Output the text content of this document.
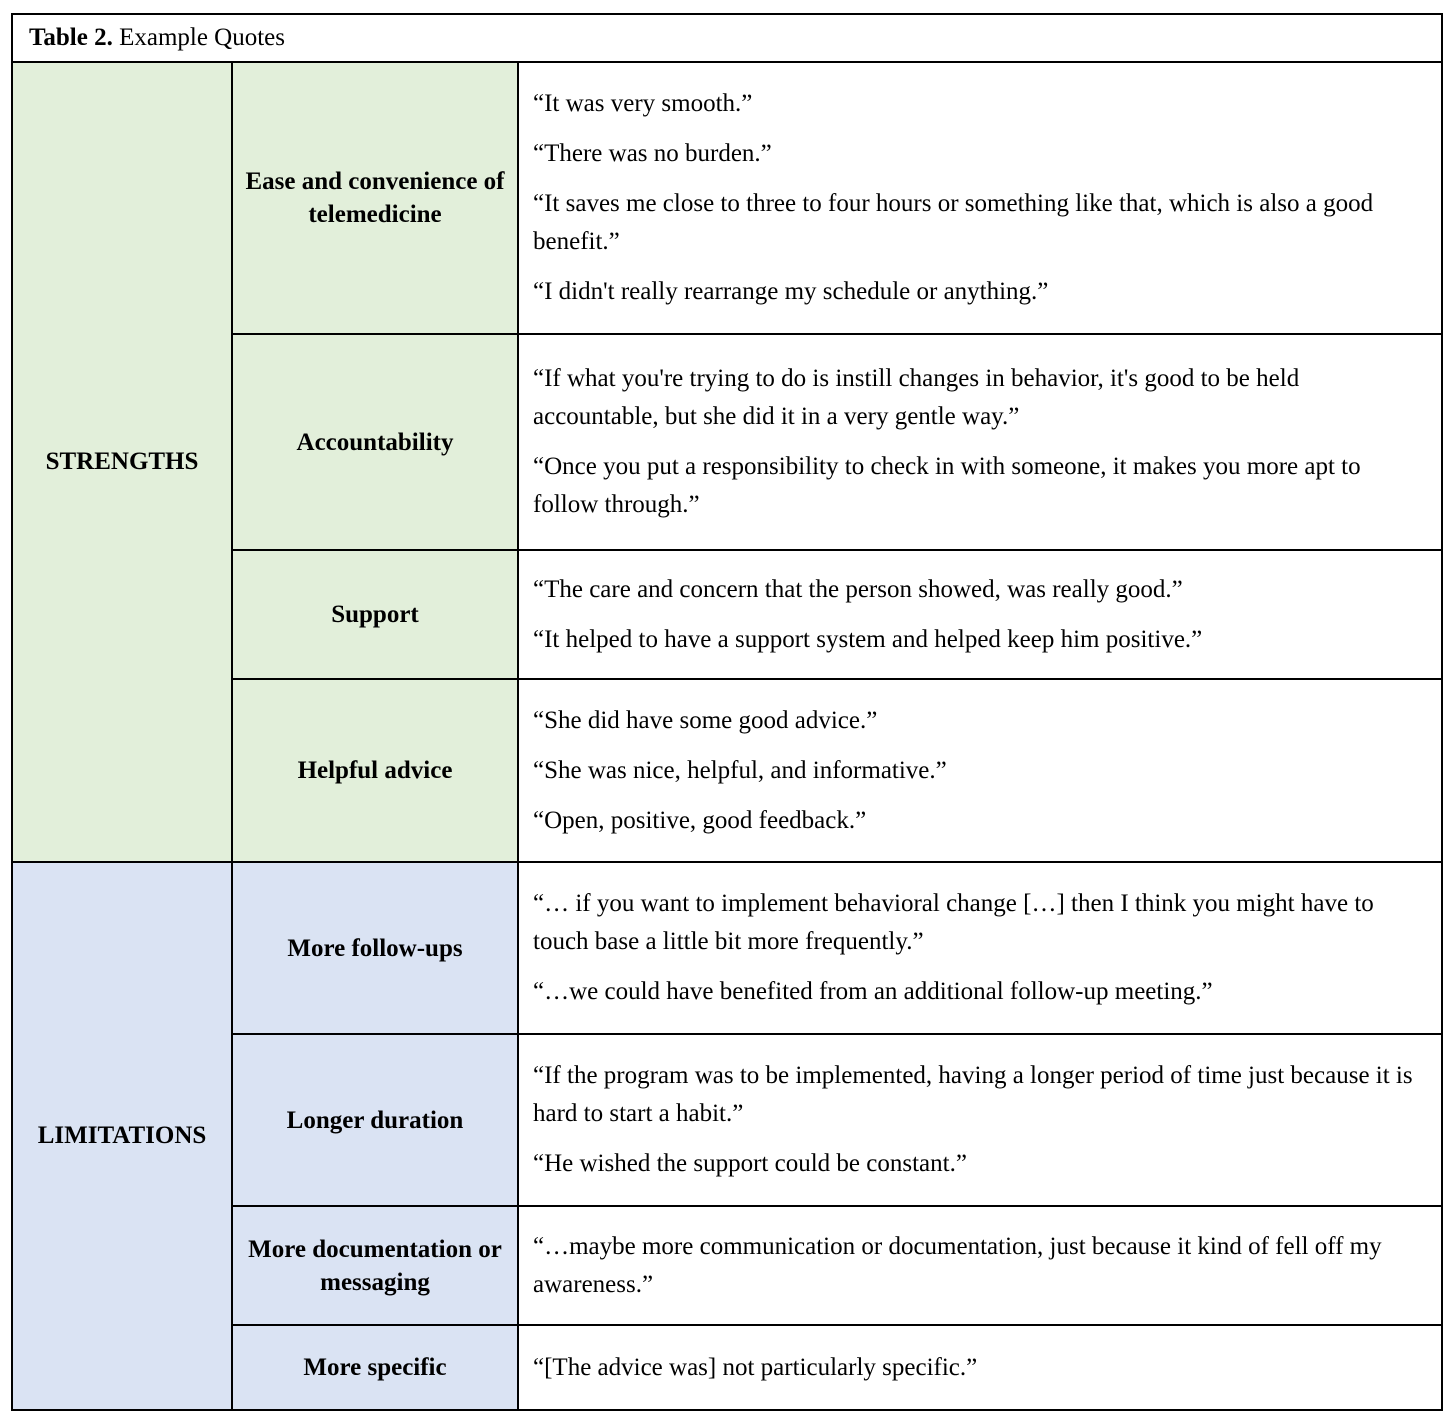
Table 2. Example Quotes		
STRENGTHS	Ease and convenience of telemedicine	“It was very smooth.”

“There was no burden.”

“It saves me close to three to four hours or something like that, which is also a good benefit.”

“I didn't really rearrange my schedule or anything.”

	Accountability	“If what you're trying to do is instill changes in behavior, it's good to be held accountable, but she did it in a very gentle way.”

“Once you put a responsibility to check in with someone, it makes you more apt to follow through.”

	Support	“The care and concern that the person showed, was really good.”

“It helped to have a support system and helped keep him positive.”

	Helpful advice	“She did have some good advice.”

“She was nice, helpful, and informative.”

“Open, positive, good feedback.”

LIMITATIONS	More follow-ups	“… if you want to implement behavioral change […] then I think you might have to touch base a little bit more frequently.”

“…we could have benefited from an additional follow-up meeting.”

	Longer duration	“If the program was to be implemented, having a longer period of time just because it is hard to start a habit.”

“He wished the support could be constant.”

	More documentation or messaging	“…maybe more communication or documentation, just because it kind of fell off my awareness.”

	More specific	“[The advice was] not particularly specific.”
